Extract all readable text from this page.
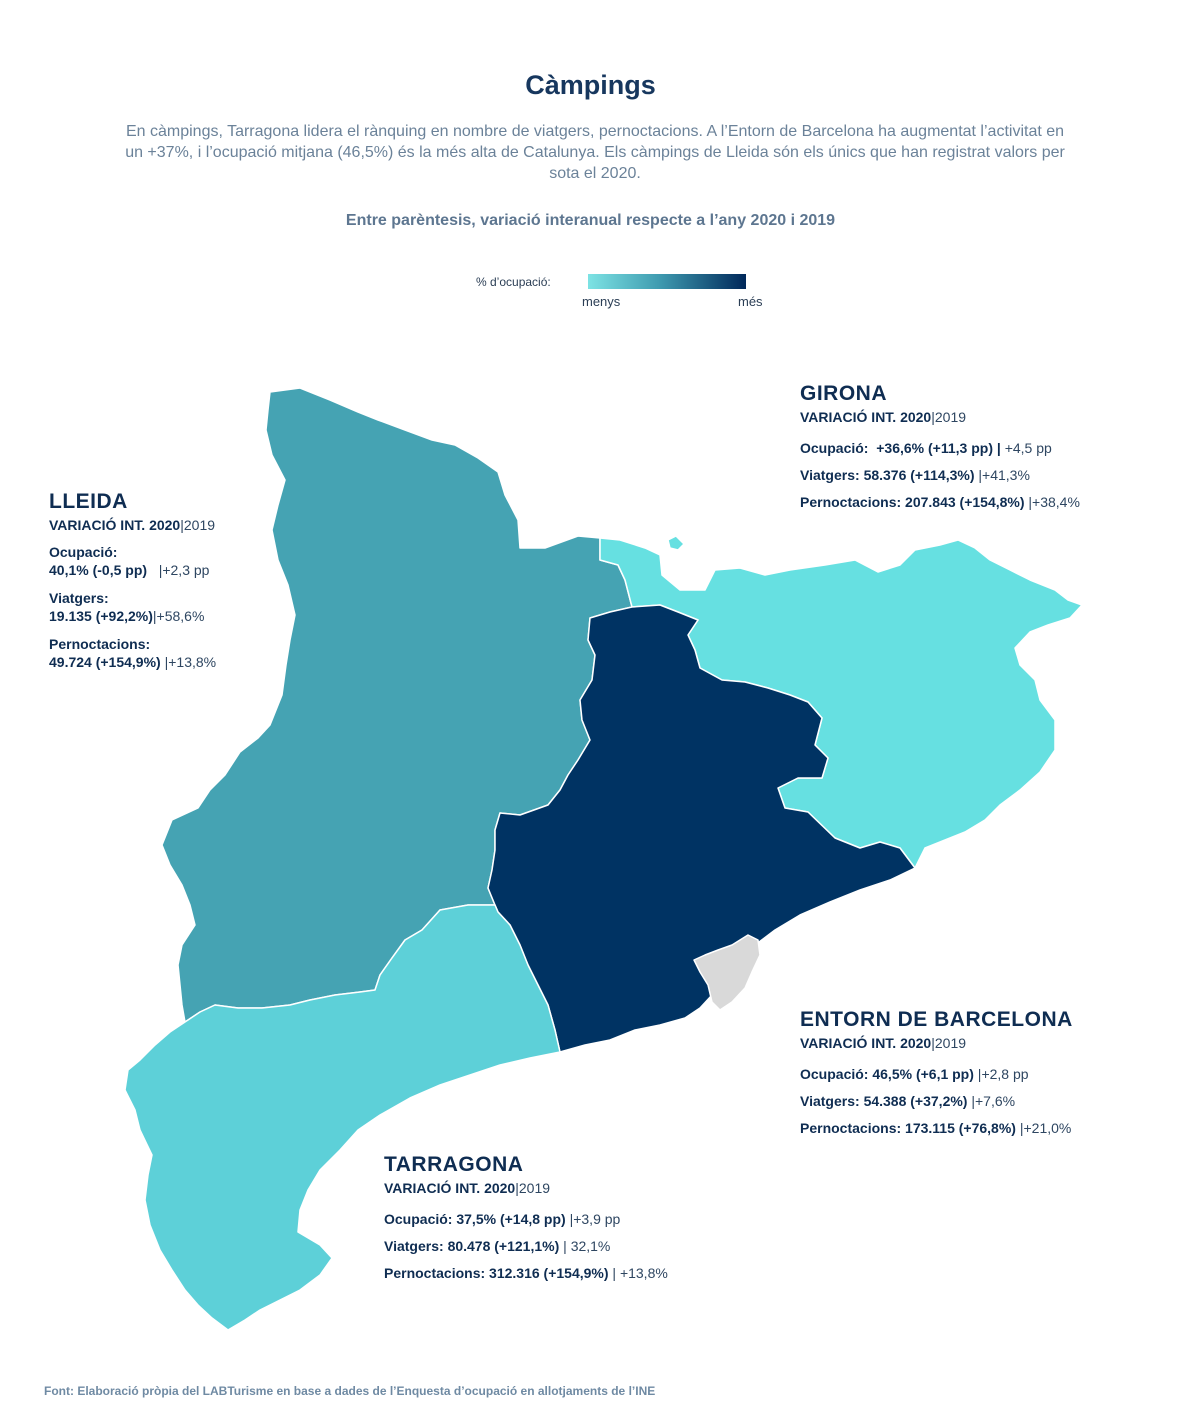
Càmpings
En càmpings, Tarragona lidera el rànquing en nombre de viatgers, pernoctacions. A l’Entorn de Barcelona ha augmentat l’activitat en un +37%, i l’ocupació mitjana (46,5%) és la més alta de Catalunya. Els càmpings de Lleida són els únics que han registrat valors per sota el 2020.
Entre parèntesis, variació interanual respecte a l’any 2020 i 2019
% d’ocupació:
menys	més
LLEIDA
VARIACIÓ INT. 2020|2019
Ocupació:
40,1% (-0,5 pp)   |+2,3 pp
Viatgers:
19.135 (+92,2%)|+58,6%
Pernoctacions:
49.724 (+154,9%) |+13,8%
GIRONA
VARIACIÓ INT. 2020|2019
Ocupació: +36,6% (+11,3 pp) | +4,5 pp
Viatgers: 58.376 (+114,3%) |+41,3%
Pernoctacions: 207.843 (+154,8%) |+38,4%
ENTORN DE BARCELONA
VARIACIÓ INT. 2020|2019
Ocupació: 46,5% (+6,1 pp) |+2,8 pp
Viatgers: 54.388 (+37,2%) |+7,6%
Pernoctacions: 173.115 (+76,8%) |+21,0%
TARRAGONA
VARIACIÓ INT. 2020|2019
Ocupació: 37,5% (+14,8 pp) |+3,9 pp
Viatgers: 80.478 (+121,1%) | 32,1%
Pernoctacions: 312.316 (+154,9%) | +13,8%
Font: Elaboració pròpia del LABTurisme en base a dades de l’Enquesta d’ocupació en allotjaments de l’INE
